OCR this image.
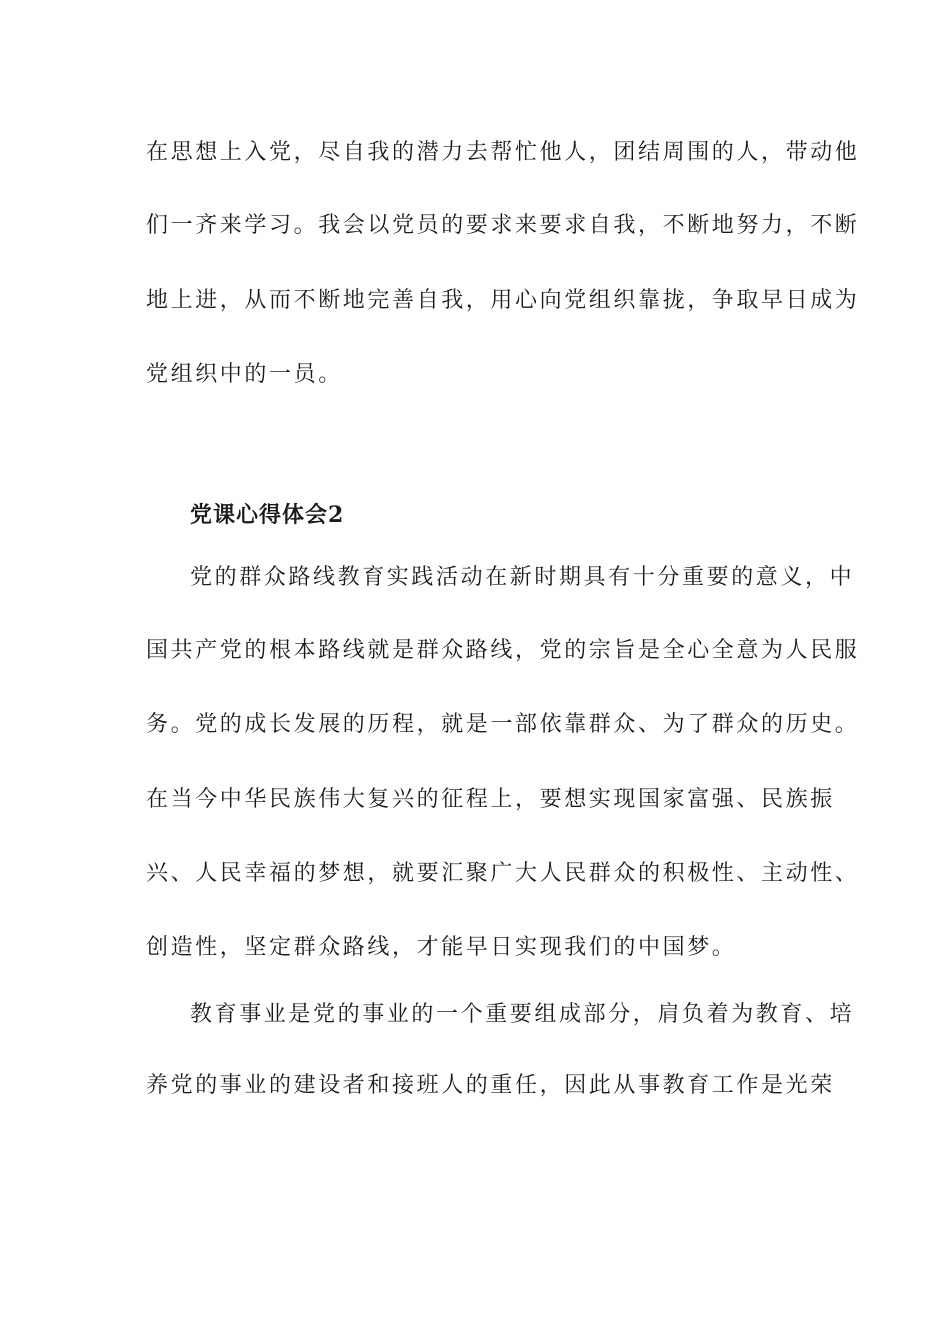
在思想上入党，尽自我的潜力去帮忙他人，团结周围的人，带动他
们一齐来学习。我会以党员的要求来要求自我，不断地努力，不断
地上进，从而不断地完善自我，用心向党组织靠拢，争取早日成为
党组织中的一员。
党课心得体会2
党的群众路线教育实践活动在新时期具有十分重要的意义，中
国共产党的根本路线就是群众路线，党的宗旨是全心全意为人民服
务。党的成长发展的历程，就是一部依靠群众、为了群众的历史。
在当今中华民族伟大复兴的征程上，要想实现国家富强、民族振
兴、人民幸福的梦想，就要汇聚广大人民群众的积极性、主动性、
创造性，坚定群众路线，才能早日实现我们的中国梦。
教育事业是党的事业的一个重要组成部分，肩负着为教育、培
养党的事业的建设者和接班人的重任，因此从事教育工作是光荣
